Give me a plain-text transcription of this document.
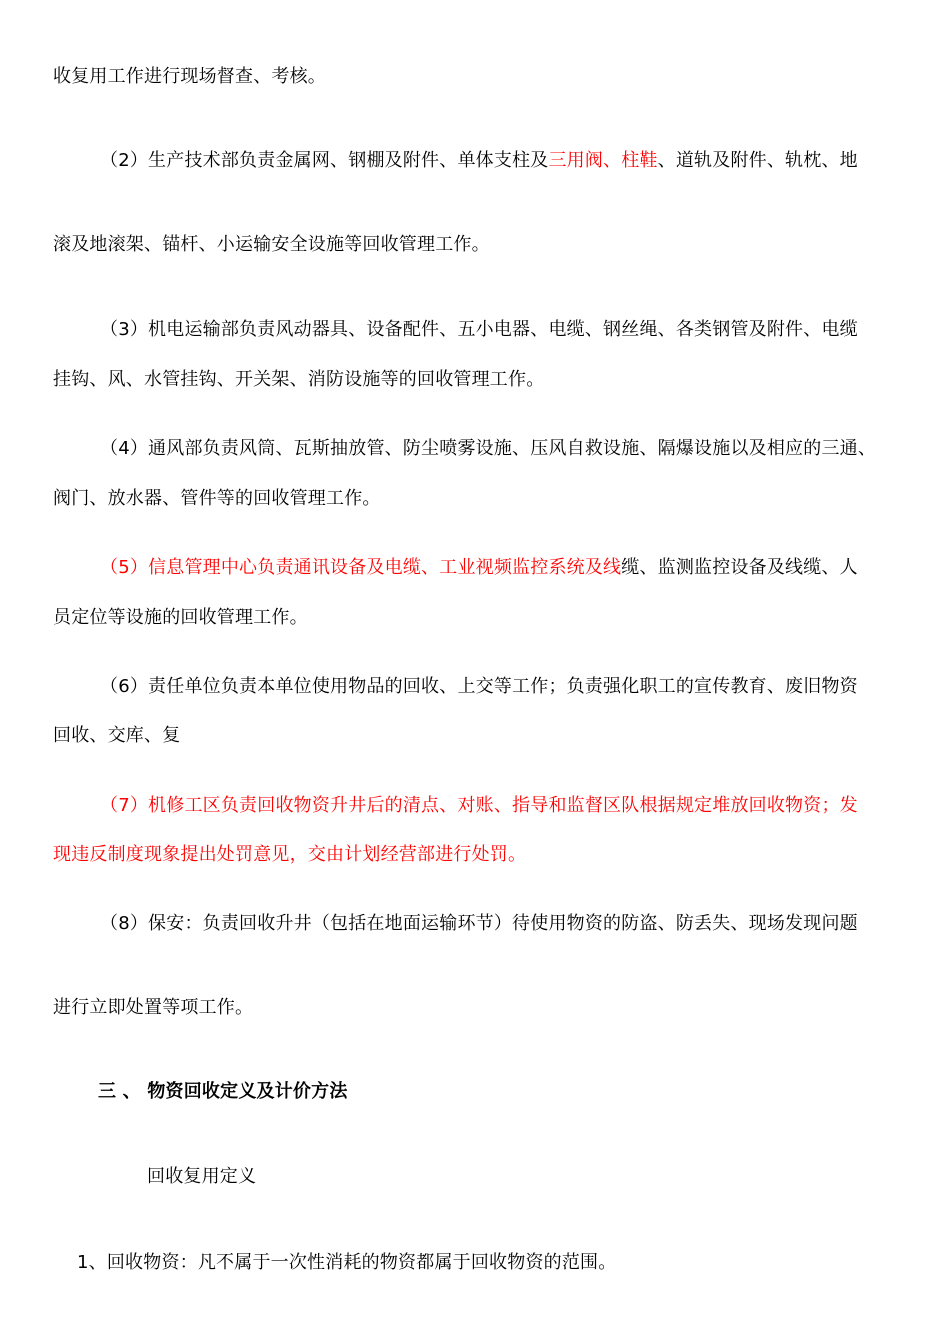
收复用工作进行现场督查、考核。
（2）生产技术部负责金属网、钢棚及附件、单体支柱及三用阀、柱鞋、道轨及附件、轨枕、地
滚及地滚架、锚杆、小运输安全设施等回收管理工作。
（3）机电运输部负责风动器具、设备配件、五小电器、电缆、钢丝绳、各类钢管及附件、电缆
挂钩、风、水管挂钩、开关架、消防设施等的回收管理工作。
（4）通风部负责风筒、瓦斯抽放管、防尘喷雾设施、压风自救设施、隔爆设施以及相应的三通、
阀门、放水器、管件等的回收管理工作。
（5）信息管理中心负责通讯设备及电缆、工业视频监控系统及线缆、监测监控设备及线缆、人
员定位等设施的回收管理工作。
（6）责任单位负责本单位使用物品的回收、上交等工作；负责强化职工的宣传教育、废旧物资
回收、交库、复
（7）机修工区负责回收物资升井后的清点、对账、指导和监督区队根据规定堆放回收物资；发
现违反制度现象提出处罚意见，交由计划经营部进行处罚。
（8）保安：负责回收升井（包括在地面运输环节）待使用物资的防盗、防丢失、现场发现问题
进行立即处置等项工作。
三 、 物资回收定义及计价方法
回收复用定义
1、回收物资：凡不属于一次性消耗的物资都属于回收物资的范围。
